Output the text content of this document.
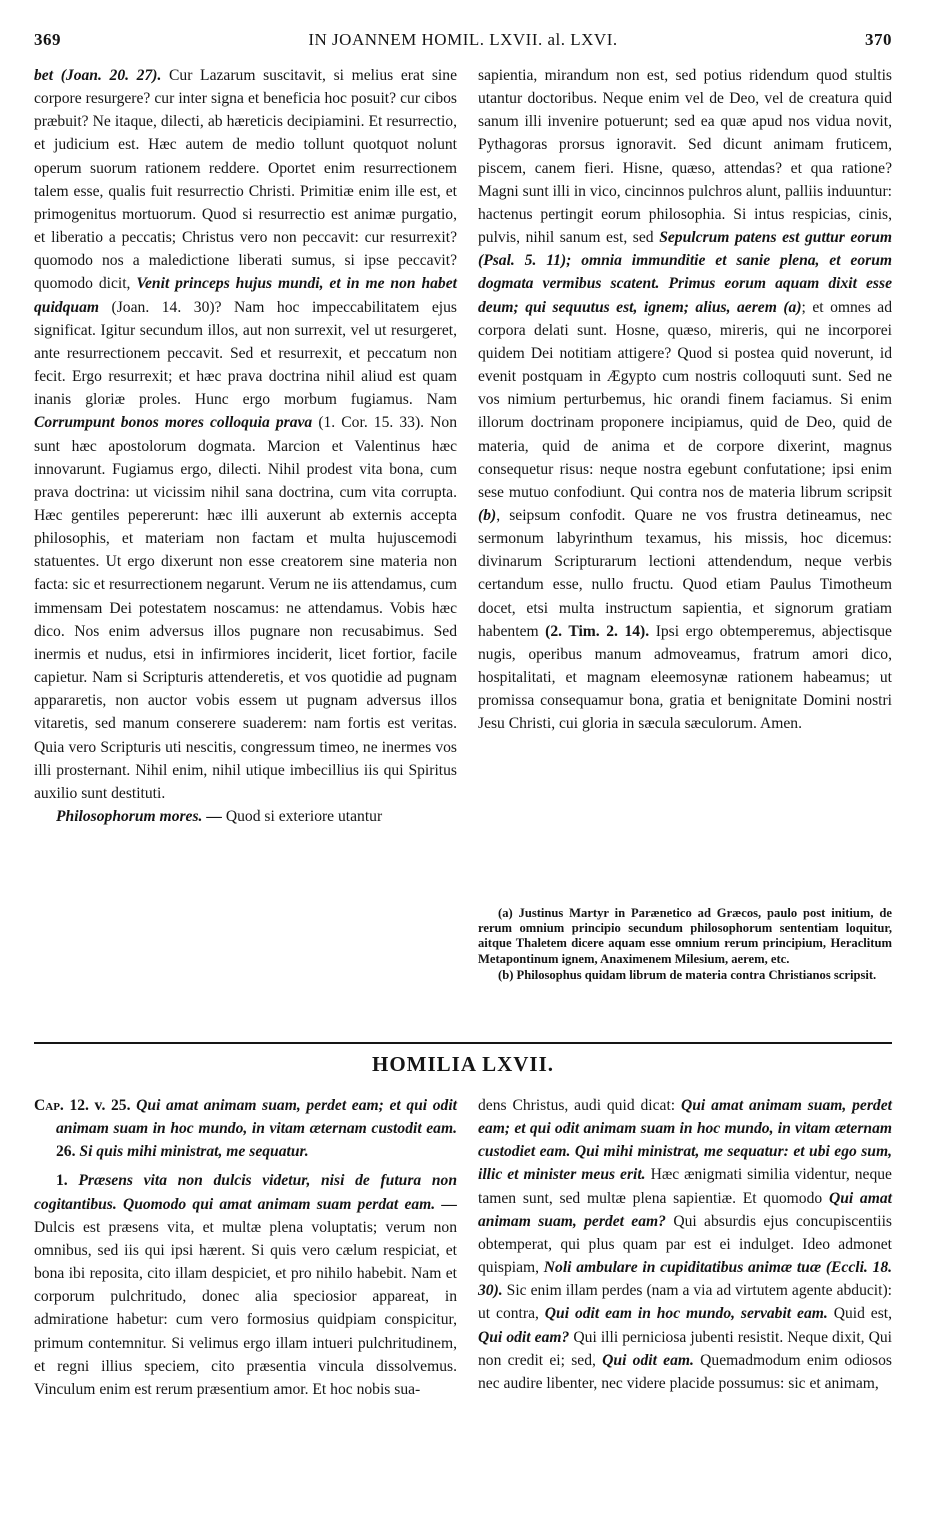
369	IN JOANNEM HOMIL. LXVII. al. LXVI.	370

bet (Joan. 20. 27). Cur Lazarum suscitavit, si melius erat sine corpore resurgere? cur inter signa et beneficia hoc posuit? cur cibos præbuit? Ne itaque, dilecti, ab hæreticis decipiamini. Et resurrectio, et judicium est. Hæc autem de medio tollunt quotquot nolunt operum suorum rationem reddere. Oportet enim resurrectionem talem esse, qualis fuit resurrectio Christi. Primitiæ enim ille est, et primogenitus mortuorum. Quod si resurrectio est animæ purgatio, et liberatio a peccatis; Christus vero non peccavit: cur resurrexit? quomodo nos a maledictione liberati sumus, si ipse peccavit? quomodo dicit, Venit princeps hujus mundi, et in me non habet quidquam (Joan. 14. 30)? Nam hoc impeccabilitatem ejus significat. Igitur secundum illos, aut non surrexit, vel ut resurgeret, ante resurrectionem peccavit. Sed et resurrexit, et peccatum non fecit. Ergo resurrexit; et hæc prava doctrina nihil aliud est quam inanis gloriæ proles. Hunc ergo morbum fugiamus. Nam Corrumpunt bonos mores colloquia prava (1. Cor. 15. 33). Non sunt hæc apostolorum dogmata. Marcion et Valentinus hæc innovarunt. Fugiamus ergo, dilecti. Nihil prodest vita bona, cum prava doctrina: ut vicissim nihil sana doctrina, cum vita corrupta. Hæc gentiles pepererunt: hæc illi auxerunt ab externis accepta philosophis, et materiam non factam et multa hujuscemodi statuentes. Ut ergo dixerunt non esse creatorem sine materia non facta: sic et resurrectionem negarunt. Verum ne iis attendamus, cum immensam Dei potestatem noscamus: ne attendamus. Vobis hæc dico. Nos enim adversus illos pugnare non recusabimus. Sed inermis et nudus, etsi in infirmiores inciderit, licet fortior, facile capietur. Nam si Scripturis attenderetis, et vos quotidie ad pugnam appararetis, non auctor vobis essem ut pugnam adversus illos vitaretis, sed manum conserere suaderem: nam fortis est veritas. Quia vero Scripturis uti nescitis, congressum timeo, ne inermes vos illi prosternant. Nihil enim, nihil utique imbecillius iis qui Spiritus auxilio sunt destituti.

Philosophorum mores. — Quod si exteriore utantur

sapientia, mirandum non est, sed potius ridendum quod stultis utantur doctoribus. Neque enim vel de Deo, vel de creatura quid sanum illi invenire potuerunt; sed ea quæ apud nos vidua novit, Pythagoras prorsus ignoravit. Sed dicunt animam fruticem, piscem, canem fieri. Hisne, quæso, attendas? et qua ratione? Magni sunt illi in vico, cincinnos pulchros alunt, palliis induuntur: hactenus pertingit eorum philosophia. Si intus respicias, cinis, pulvis, nihil sanum est, sed Sepulcrum patens est guttur eorum (Psal. 5. 11); omnia immunditie et sanie plena, et eorum dogmata vermibus scatent. Primus eorum aquam dixit esse deum; qui sequutus est, ignem; alius, aerem (a); et omnes ad corpora delati sunt. Hosne, quæso, mireris, qui ne incorporei quidem Dei notitiam attigere? Quod si postea quid noverunt, id evenit postquam in Ægypto cum nostris colloquuti sunt. Sed ne vos nimium perturbemus, hic orandi finem faciamus. Si enim illorum doctrinam proponere incipiamus, quid de Deo, quid de materia, quid de anima et de corpore dixerint, magnus consequetur risus: neque nostra egebunt confutatione; ipsi enim sese mutuo confodiunt. Qui contra nos de materia librum scripsit (b), seipsum confodit. Quare ne vos frustra detineamus, nec sermonum labyrinthum texamus, his missis, hoc dicemus: divinarum Scripturarum lectioni attendendum, neque verbis certandum esse, nullo fructu. Quod etiam Paulus Timotheum docet, etsi multa instructum sapientia, et signorum gratiam habentem (2. Tim. 2. 14). Ipsi ergo obtemperemus, abjectisque nugis, operibus manum admoveamus, fratrum amori dico, hospitalitati, et magnam eleemosynæ rationem habeamus; ut promissa consequamur bona, gratia et benignitate Domini nostri Jesu Christi, cui gloria in sæcula sæculorum. Amen.

(a) Justinus Martyr in Parænetico ad Græcos, paulo post initium, de rerum omnium principio secundum philosophorum sententiam loquitur, aitque Thaletem dicere aquam esse omnium rerum principium, Heraclitum Metapontinum ignem, Anaximenem Milesium, aerem, etc.

(b) Philosophus quidam librum de materia contra Christianos scripsit.

HOMILIA LXVII.

Cap. 12. v. 25. Qui amat animam suam, perdet eam; et qui odit animam suam in hoc mundo, in vitam æternam custodit eam. 26. Si quis mihi ministrat, me sequatur.

1. Præsens vita non dulcis videtur, nisi de futura non cogitantibus. Quomodo qui amat animam suam perdat eam. — Dulcis est præsens vita, et multæ plena voluptatis; verum non omnibus, sed iis qui ipsi hærent. Si quis vero cælum respiciat, et bona ibi reposita, cito illam despiciet, et pro nihilo habebit. Nam et corporum pulchritudo, donec alia speciosior appareat, in admiratione habetur: cum vero formosius quidpiam conspicitur, primum contemnitur. Si velimus ergo illam intueri pulchritudinem, et regni illius speciem, cito præsentia vincula dissolvemus. Vinculum enim est rerum præsentium amor. Et hoc nobis sua-

dens Christus, audi quid dicat: Qui amat animam suam, perdet eam; et qui odit animam suam in hoc mundo, in vitam æternam custodiet eam. Qui mihi ministrat, me sequatur: et ubi ego sum, illic et minister meus erit. Hæc ænigmati similia videntur, neque tamen sunt, sed multæ plena sapientiæ. Et quomodo Qui amat animam suam, perdet eam? Qui absurdis ejus concupiscentiis obtemperat, qui plus quam par est ei indulget. Ideo admonet quispiam, Noli ambulare in cupiditatibus animæ tuæ (Eccli. 18. 30). Sic enim illam perdes (nam a via ad virtutem agente abducit): ut contra, Qui odit eam in hoc mundo, servabit eam. Quid est, Qui odit eam? Qui illi perniciosa jubenti resistit. Neque dixit, Qui non credit ei; sed, Qui odit eam. Quemadmodum enim odiosos nec audire libenter, nec videre placide possumus: sic et animam,
